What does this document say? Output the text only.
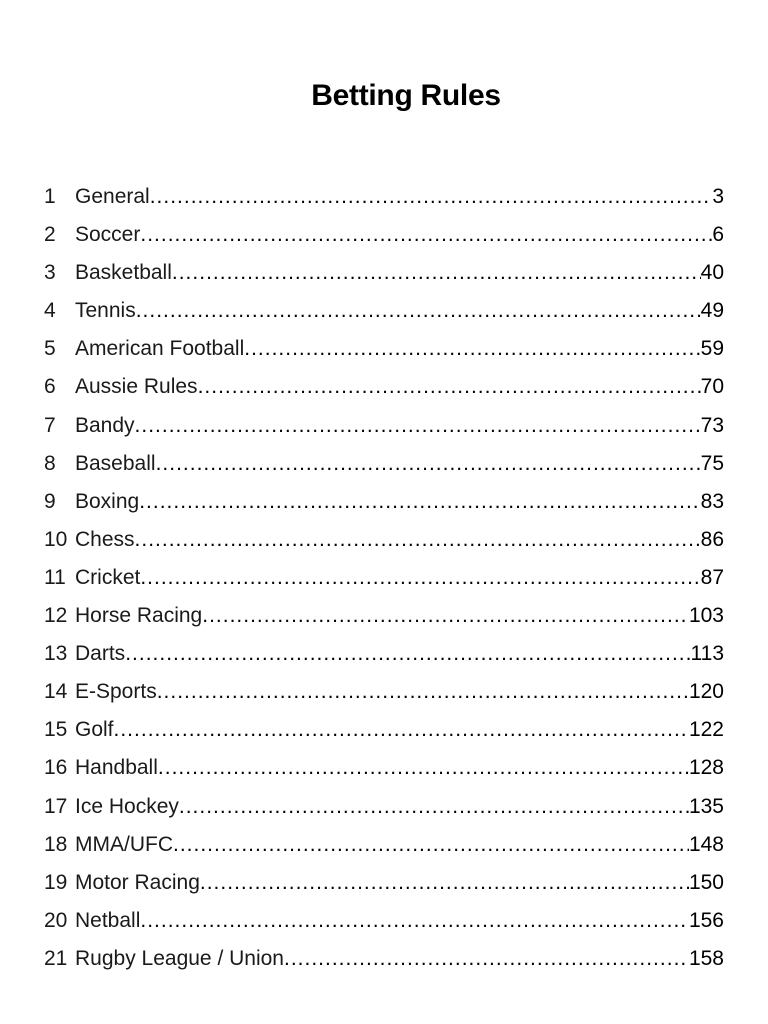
Betting Rules
1 General .....	3
2 Soccer .....	6
3 Basketball .....	40
4 Tennis .....	49
5 American Football .....	59
6 Aussie Rules .....	70
7 Bandy .....	73
8 Baseball .....	75
9 Boxing .....	83
10 Chess .....	86
11 Cricket .....	87
12 Horse Racing .....	103
13 Darts .....	113
14 E-Sports .....	120
15 Golf .....	122
16 Handball .....	128
17 Ice Hockey .....	135
18 MMA/UFC .....	148
19 Motor Racing .....	150
20 Netball .....	156
21 Rugby League / Union .....	158
